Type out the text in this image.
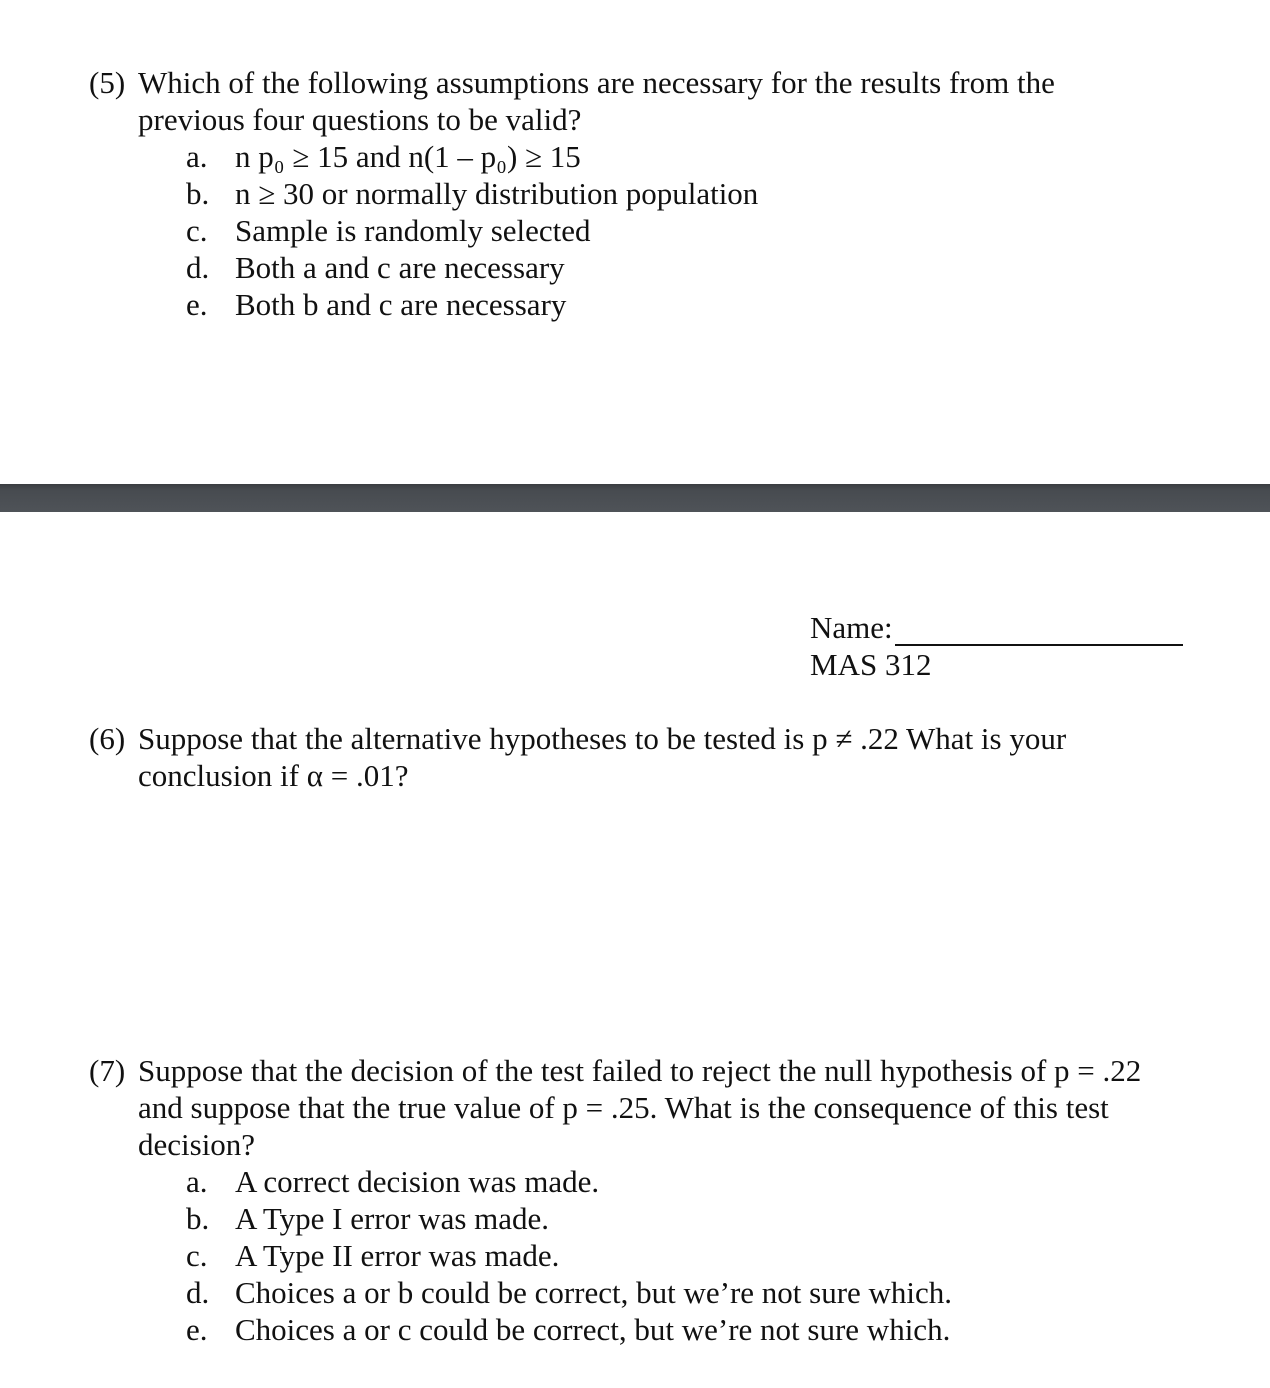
(5) Which of the following assumptions are necessary for the results from the
previous four questions to be valid?
a. n p₀ ≥ 15 and n(1 – p₀) ≥ 15
b. n ≥ 30 or normally distribution population
c. Sample is randomly selected
d. Both a and c are necessary
e. Both b and c are necessary
Name:
MAS 312
(6) Suppose that the alternative hypotheses to be tested is p ≠ .22 What is your
conclusion if α = .01?
(7) Suppose that the decision of the test failed to reject the null hypothesis of p = .22
and suppose that the true value of p = .25. What is the consequence of this test
decision?
a. A correct decision was made.
b. A Type I error was made.
c. A Type II error was made.
d. Choices a or b could be correct, but we’re not sure which.
e. Choices a or c could be correct, but we’re not sure which.
